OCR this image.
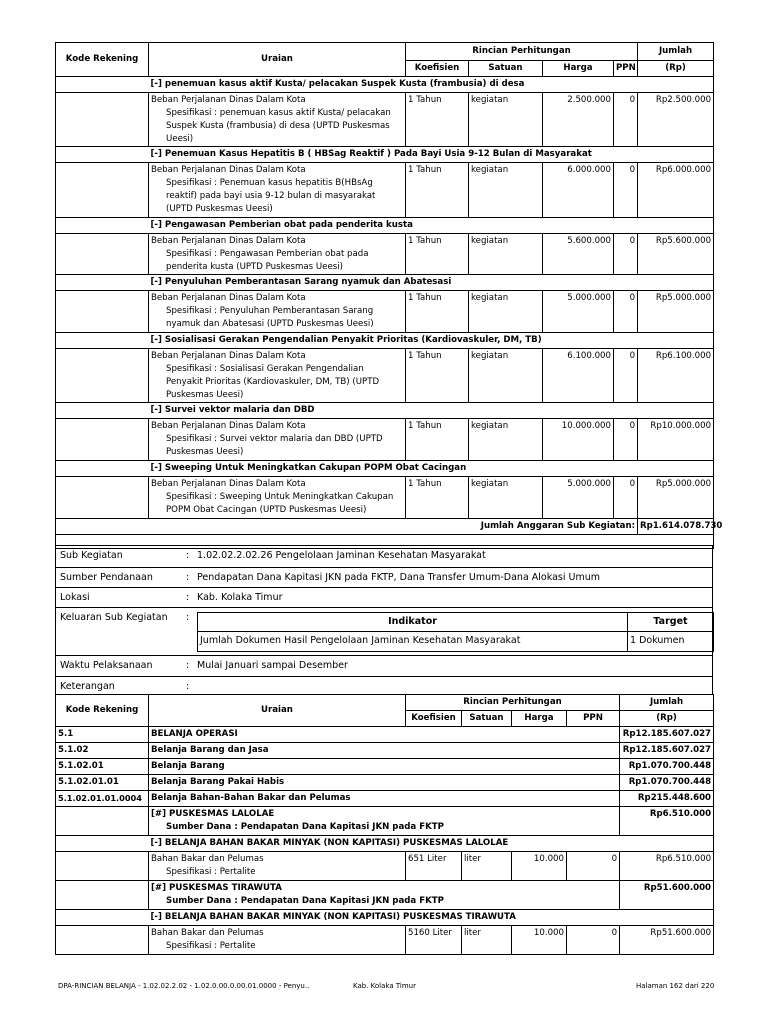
Kode Rekening	Uraian	Rincian Perhitungan				Jumlah
		Koefisien	Satuan	Harga	PPN	(Rp)
	[-] penemuan kasus aktif Kusta/ pelacakan Suspek Kusta (frambusia) di desa					
	Beban Perjalanan Dinas Dalam Kota
Spesifikasi : penemuan kasus aktif Kusta/ pelacakan Suspek Kusta (frambusia) di desa (UPTD Puskesmas Ueesi)	1 Tahun	kegiatan	2.500.000	0	Rp2.500.000
	[-] Penemuan Kasus Hepatitis B ( HBSag Reaktif ) Pada Bayi Usia 9-12 Bulan di Masyarakat					
	Beban Perjalanan Dinas Dalam Kota
Spesifikasi : Penemuan kasus hepatitis B(HBsAg reaktif) pada bayi usia 9-12 bulan di masyarakat (UPTD Puskesmas Ueesi)	1 Tahun	kegiatan	6.000.000	0	Rp6.000.000
	[-] Pengawasan Pemberian obat pada penderita kusta					
	Beban Perjalanan Dinas Dalam Kota
Spesifikasi : Pengawasan Pemberian obat pada penderita kusta (UPTD Puskesmas Ueesi)	1 Tahun	kegiatan	5.600.000	0	Rp5.600.000
	[-] Penyuluhan Pemberantasan Sarang nyamuk dan Abatesasi					
	Beban Perjalanan Dinas Dalam Kota
Spesifikasi : Penyuluhan Pemberantasan Sarang nyamuk dan Abatesasi (UPTD Puskesmas Ueesi)	1 Tahun	kegiatan	5.000.000	0	Rp5.000.000
	[-] Sosialisasi Gerakan Pengendalian Penyakit Prioritas (Kardiovaskuler, DM, TB)					
	Beban Perjalanan Dinas Dalam Kota
Spesifikasi : Sosialisasi Gerakan Pengendalian Penyakit Prioritas (Kardiovaskuler, DM, TB) (UPTD Puskesmas Ueesi)	1 Tahun	kegiatan	6.100.000	0	Rp6.100.000
	[-] Survei vektor malaria dan DBD					
	Beban Perjalanan Dinas Dalam Kota
Spesifikasi : Survei vektor malaria dan DBD (UPTD Puskesmas Ueesi)	1 Tahun	kegiatan	10.000.000	0	Rp10.000.000
	[-] Sweeping Untuk Meningkatkan Cakupan POPM Obat Cacingan					
	Beban Perjalanan Dinas Dalam Kota
Spesifikasi : Sweeping Untuk Meningkatkan Cakupan POPM Obat Cacingan (UPTD Puskesmas Ueesi)	1 Tahun	kegiatan	5.000.000	0	Rp5.000.000
Jumlah Anggaran Sub Kegiatan:						Rp1.614.078.730

Sub Kegiatan	: 1.02.02.2.02.26 Pengelolaan Jaminan Kesehatan Masyarakat
Sumber Pendanaan	: Pendapatan Dana Kapitasi JKN pada FKTP, Dana Transfer Umum-Dana Alokasi Umum
Lokasi	: Kab. Kolaka Timur
Keluaran Sub Kegiatan :	Indikator	Target
Jumlah Dokumen Hasil Pengelolaan Jaminan Kesehatan Masyarakat	1 Dokumen
Waktu Pelaksanaan	: Mulai Januari sampai Desember
Keterangan	:
Kode Rekening	Uraian	Rincian Perhitungan				Jumlah
		Koefisien	Satuan	Harga	PPN	(Rp)
5.1	BELANJA OPERASI					Rp12.185.607.027
5.1.02	Belanja Barang dan Jasa					Rp12.185.607.027
5.1.02.01	Belanja Barang					Rp1.070.700.448
5.1.02.01.01	Belanja Barang Pakai Habis					Rp1.070.700.448
5.1.02.01.01.0004	Belanja Bahan-Bahan Bakar dan Pelumas					Rp215.448.600
	[#] PUSKESMAS LALOLAE
Sumber Dana : Pendapatan Dana Kapitasi JKN pada FKTP					Rp6.510.000
	[-] BELANJA BAHAN BAKAR MINYAK (NON KAPITASI) PUSKESMAS LALOLAE					
	Bahan Bakar dan Pelumas
Spesifikasi : Pertalite	651 Liter	liter	10.000	0	Rp6.510.000
	[#] PUSKESMAS TIRAWUTA
Sumber Dana : Pendapatan Dana Kapitasi JKN pada FKTP					Rp51.600.000
	[-] BELANJA BAHAN BAKAR MINYAK (NON KAPITASI) PUSKESMAS TIRAWUTA					
	Bahan Bakar dan Pelumas
Spesifikasi : Pertalite	5160 Liter	liter	10.000	0	Rp51.600.000
DPA-RINCIAN BELANJA - 1.02.02.2.02 - 1.02.0.00.0.00.01.0000 - Penyu..	Kab. Kolaka Timur	Halaman 162 dari 220
